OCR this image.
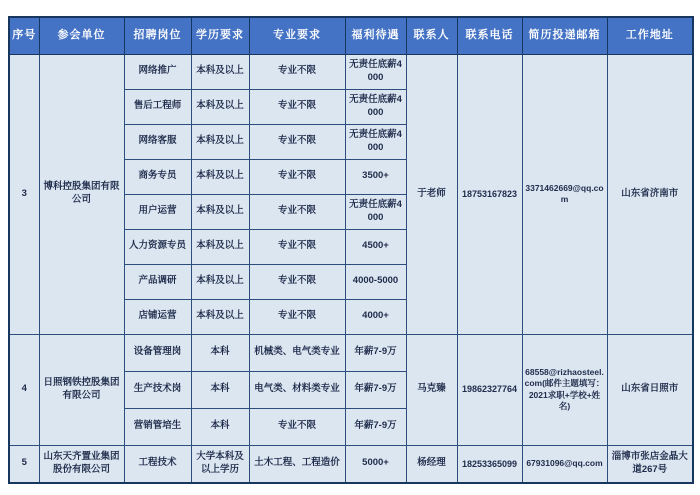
序号	参会单位	招聘岗位	学历要求	专业要求	福利待遇	联系人	联系电话	简历投递邮箱	工作地址
3	博科控股集团有限公司	网络推广	本科及以上	专业不限	无责任底薪4000	于老师	18753167823	3371462669@qq.com	山东省济南市
		售后工程师	本科及以上	专业不限	无责任底薪4000				
		网络客服	本科及以上	专业不限	无责任底薪4000				
		商务专员	本科及以上	专业不限	3500+				
		用户运营	本科及以上	专业不限	无责任底薪4000				
		人力资源专员	本科及以上	专业不限	4500+				
		产品调研	本科及以上	专业不限	4000-5000				
		店铺运营	本科及以上	专业不限	4000+				
4	日照钢铁控股集团有限公司	设备管理岗	本科	机械类、电气类专业	年薪7-9万	马克臻	19862327764	68558@rizhaosteel.com(邮件主题填写：2021求职+学校+姓名)	山东省日照市
		生产技术岗	本科	电气类、材料类专业	年薪7-9万				
		营销管培生	本科	专业不限	年薪7-9万				
5	山东天齐置业集团股份有限公司	工程技术	大学本科及以上学历	土木工程、工程造价	5000+	杨经理	18253365099	67931096@qq.com	淄博市张店金晶大道267号
